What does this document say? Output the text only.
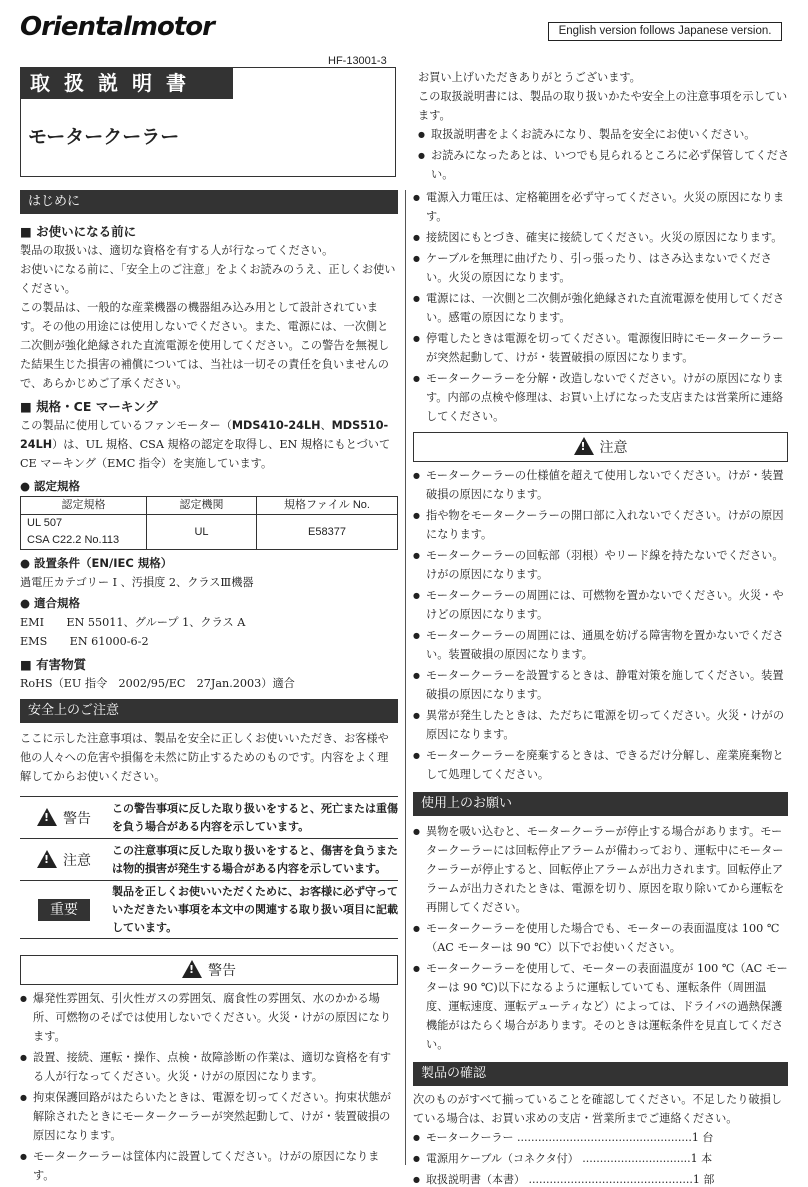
Orientalmotor	English version follows Japanese version.
HF-13001-3
取扱説明書
モータークーラー
お買い上げいただきありがとうございます。
この取扱説明書には、製品の取り扱いかたや安全上の注意事項を示しています。
● 取扱説明書をよくお読みになり、製品を安全にお使いください。
● お読みになったあとは、いつでも見られるところに必ず保管してください。
はじめに
■ お使いになる前に
製品の取扱いは、適切な資格を有する人が行なってください。
お使いになる前に、「安全上のご注意」をよくお読みのうえ、正しくお使いください。
この製品は、一般的な産業機器の機器組み込み用として設計されています。その他の用途には使用しないでください。また、電源には、一次側と二次側が強化絶縁された直流電源を使用してください。この警告を無視した結果生じた損害の補償については、当社は一切その責任を負いませんので、あらかじめご了承ください。
■ 規格・CE マーキング
この製品に使用しているファンモーター（MDS410-24LH、MDS510-24LH）は、UL 規格、CSA 規格の認定を取得し、EN 規格にもとづいて CE マーキング（EMC 指令）を実施しています。
● 認定規格
認定規格	認定機関	規格ファイル No.

UL 507
CSA C22.2 No.113	UL	E58377
● 設置条件（EN/IEC 規格）
過電圧カテゴリー I 、汚損度 2、クラスⅢ機器
● 適合規格
EMI　　EN 55011、グループ 1、クラス A
EMS　　EN 61000-6-2
■ 有害物質
RoHS（EU 指令　2002/95/EC　27Jan.2003）適合
安全上のご注意
ここに示した注意事項は、製品を安全に正しくお使いいただき、お客様や他の人々への危害や損傷を未然に防止するためのものです。内容をよく理解してからお使いください。
!警告	この警告事項に反した取り扱いをすると、死亡または重傷を負う場合がある内容を示しています。
!注意	この注意事項に反した取り扱いをすると、傷害を負うまたは物的損害が発生する場合がある内容を示しています。
重要	製品を正しくお使いいただくために、お客様に必ず守っていただきたい事項を本文中の関連する取り扱い項目に記載しています。
!警告
● 爆発性雰囲気、引火性ガスの雰囲気、腐食性の雰囲気、水のかかる場所、可燃物のそばでは使用しないでください。火災・けがの原因になります。
● 設置、接続、運転・操作、点検・故障診断の作業は、適切な資格を有する人が行なってください。火災・けがの原因になります。
● 拘束保護回路がはたらいたときは、電源を切ってください。拘束状態が解除されたときにモータークーラーが突然起動して、けが・装置破損の原因になります。
● モータークーラーは筐体内に設置してください。けがの原因になります。
● 電源入力電圧は、定格範囲を必ず守ってください。火災の原因になります。
● 接続図にもとづき、確実に接続してください。火災の原因になります。
● ケーブルを無理に曲げたり、引っ張ったり、はさみ込まないでください。火災の原因になります。
● 電源には、一次側と二次側が強化絶縁された直流電源を使用してください。感電の原因になります。
● 停電したときは電源を切ってください。電源復旧時にモータークーラーが突然起動して、けが・装置破損の原因になります。
● モータークーラーを分解・改造しないでください。けがの原因になります。内部の点検や修理は、お買い上げになった支店または営業所に連絡してください。
!注意
● モータークーラーの仕様値を超えて使用しないでください。けが・装置破損の原因になります。
● 指や物をモータークーラーの開口部に入れないでください。けがの原因になります。
● モータークーラーの回転部（羽根）やリード線を持たないでください。けがの原因になります。
● モータークーラーの周囲には、可燃物を置かないでください。火災・やけどの原因になります。
● モータークーラーの周囲には、通風を妨げる障害物を置かないでください。装置破損の原因になります。
● モータークーラーを設置するときは、静電対策を施してください。装置破損の原因になります。
● 異常が発生したときは、ただちに電源を切ってください。火災・けがの原因になります。
● モータークーラーを廃棄するときは、できるだけ分解し、産業廃棄物として処理してください。
使用上のお願い
● 異物を吸い込むと、モータークーラーが停止する場合があります。モータークーラーには回転停止アラームが備わっており、運転中にモータークーラーが停止すると、回転停止アラームが出力されます。回転停止アラームが出力されたときは、電源を切り、原因を取り除いてから運転を再開してください。
● モータークーラーを使用した場合でも、モーターの表面温度は 100 ℃（AC モーターは 90 ℃）以下でお使いください。
● モータークーラーを使用して、モーターの表面温度が 100 ℃（AC モーターは 90 ℃)以下になるように運転していても、運転条件（周囲温度、運転速度、運転デューティなど）によっては、ドライバの過熱保護機能がはたらく場合があります。そのときは運転条件を見直してください。
製品の確認
次のものがすべて揃っていることを確認してください。不足したり破損している場合は、お買い求めの支店・営業所までご連絡ください。
● モータークーラー ..................................................1 台
● 電源用ケーブル（コネクタ付） ...............................1 本
● 取扱説明書（本書） ...............................................1 部
